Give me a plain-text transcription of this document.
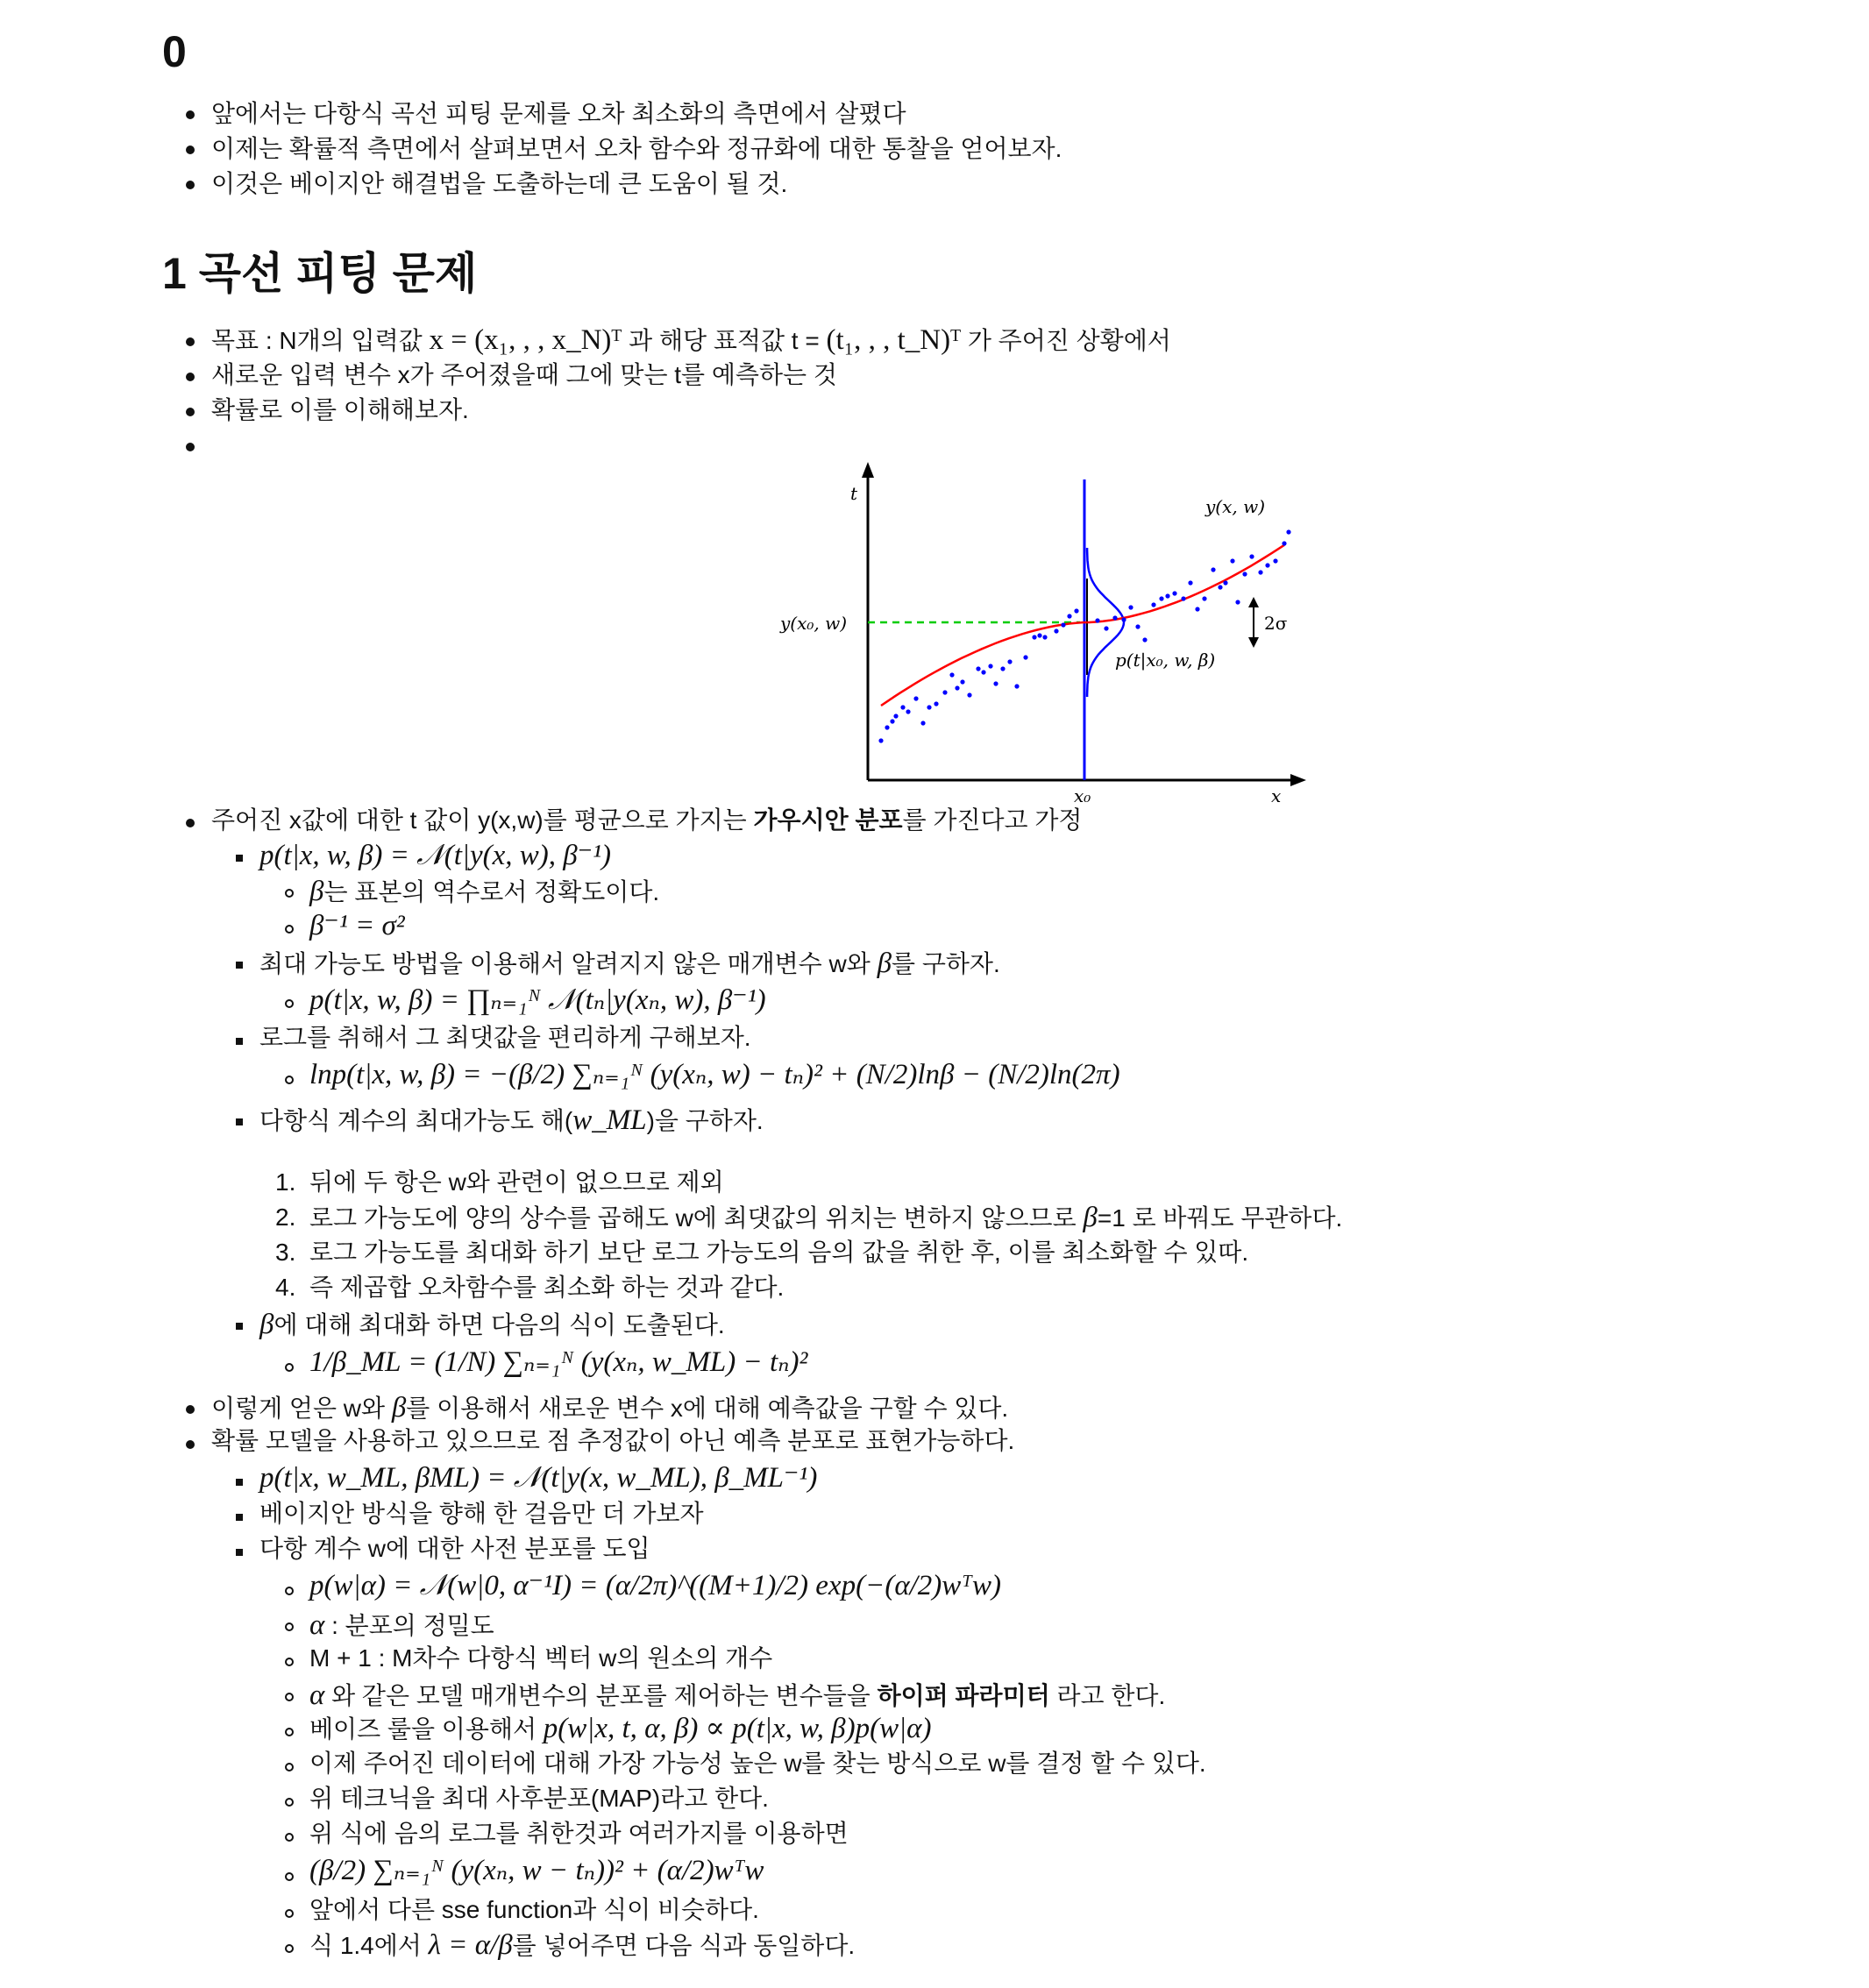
0
앞에서는 다항식 곡선 피팅 문제를 오차 최소화의 측면에서 살폈다
이제는 확률적 측면에서 살펴보면서 오차 함수와 정규화에 대한 통찰을 얻어보자.
이것은 베이지안 해결법을 도출하는데 큰 도움이 될 것.
1 곡선 피팅 문제
목표 : N개의 입력값 x = (x₁, , , x_N)ᵀ 과 해당 표적값 t = (t₁, , , t_N)ᵀ 가 주어진 상황에서
새로운 입력 변수 x가 주어졌을때 그에 맞는 t를 예측하는 것
확률로 이를 이해해보자.
t
x
x₀
y(x, w)
y(x₀, w)
p(t|x₀, w, β)
2σ
주어진 x값에 대한 t 값이 y(x,w)를 평균으로 가지는 가우시안 분포를 가진다고 가정
p(t|x, w, β) = 𝒩(t|y(x, w), β⁻¹)
β는 표본의 역수로서 정확도이다.
β⁻¹ = σ²
최대 가능도 방법을 이용해서 알려지지 않은 매개변수 w와 β를 구하자.
p(t|x, w, β) = ∏ₙ₌₁ᴺ 𝒩(tₙ|y(xₙ, w), β⁻¹)
로그를 취해서 그 최댓값을 편리하게 구해보자.
lnp(t|x, w, β) = −(β/2) ∑ₙ₌₁ᴺ (y(xₙ, w) − tₙ)² + (N/2)lnβ − (N/2)ln(2π)
다항식 계수의 최대가능도 해(w_ML)을 구하자.
1. 뒤에 두 항은 w와 관련이 없으므로 제외
2. 로그 가능도에 양의 상수를 곱해도 w에 최댓값의 위치는 변하지 않으므로 β=1 로 바꿔도 무관하다.
3. 로그 가능도를 최대화 하기 보단 로그 가능도의 음의 값을 취한 후, 이를 최소화할 수 있따.
4. 즉 제곱합 오차함수를 최소화 하는 것과 같다.
β에 대해 최대화 하면 다음의 식이 도출된다.
1/β_ML = (1/N) ∑ₙ₌₁ᴺ (y(xₙ, w_ML) − tₙ)²
이렇게 얻은 w와 β를 이용해서 새로운 변수 x에 대해 예측값을 구할 수 있다.
확률 모델을 사용하고 있으므로 점 추정값이 아닌 예측 분포로 표현가능하다.
p(t|x, w_ML, βML) = 𝒩(t|y(x, w_ML), β_ML⁻¹)
베이지안 방식을 향해 한 걸음만 더 가보자
다항 계수 w에 대한 사전 분포를 도입
p(w|α) = 𝒩(w|0, α⁻¹I) = (α/2π)^((M+1)/2) exp(−(α/2)wᵀw)
α : 분포의 정밀도
M + 1 : M차수 다항식 벡터 w의 원소의 개수
α 와 같은 모델 매개변수의 분포를 제어하는 변수들을 하이퍼 파라미터 라고 한다.
베이즈 룰을 이용해서 p(w|x, t, α, β) ∝ p(t|x, w, β)p(w|α)
이제 주어진 데이터에 대해 가장 가능성 높은 w를 찾는 방식으로 w를 결정 할 수 있다.
위 테크닉을 최대 사후분포(MAP)라고 한다.
위 식에 음의 로그를 취한것과 여러가지를 이용하면
(β/2) ∑ₙ₌₁ᴺ (y(xₙ, w − tₙ))² + (α/2)wᵀw
앞에서 다른 sse function과 식이 비슷하다.
식 1.4에서 λ = α/β를 넣어주면 다음 식과 동일하다.
